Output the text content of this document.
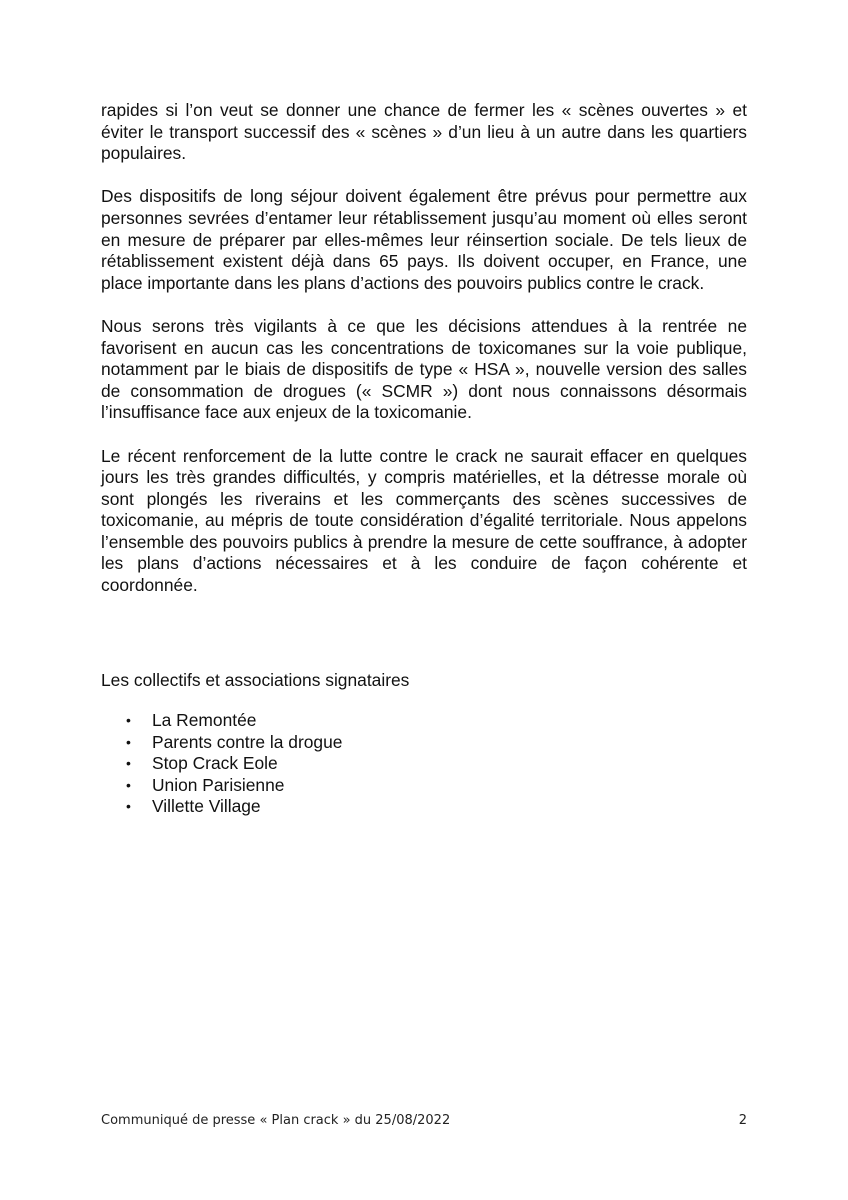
rapides si l’on veut se donner une chance de fermer les « scènes ouvertes » et éviter le transport successif des « scènes » d’un lieu à un autre dans les quartiers populaires.

Des dispositifs de long séjour doivent également être prévus pour permettre aux personnes sevrées d’entamer leur rétablissement jusqu’au moment où elles seront en mesure de préparer par elles-mêmes leur réinsertion sociale. De tels lieux de rétablissement existent déjà dans 65 pays. Ils doivent occuper, en France, une place importante dans les plans d’actions des pouvoirs publics contre le crack.

Nous serons très vigilants à ce que les décisions attendues à la rentrée ne favorisent en aucun cas les concentrations de toxicomanes sur la voie publique, notamment par le biais de dispositifs de type « HSA », nouvelle version des salles de consommation de drogues (« SCMR ») dont nous connaissons désormais l’insuffisance face aux enjeux de la toxicomanie.

Le récent renforcement de la lutte contre le crack ne saurait effacer en quelques jours les très grandes difficultés, y compris matérielles, et la détresse morale où sont plongés les riverains et les commerçants des scènes successives de toxicomanie, au mépris de toute considération d’égalité territoriale. Nous appelons l’ensemble des pouvoirs publics à prendre la mesure de cette souffrance, à adopter les plans d’actions nécessaires et à les conduire de façon cohérente et coordonnée.

Les collectifs et associations signataires

• La Remontée
• Parents contre la drogue
• Stop Crack Eole
• Union Parisienne
• Villette Village
Communiqué de presse « Plan crack » du 25/08/2022	2
